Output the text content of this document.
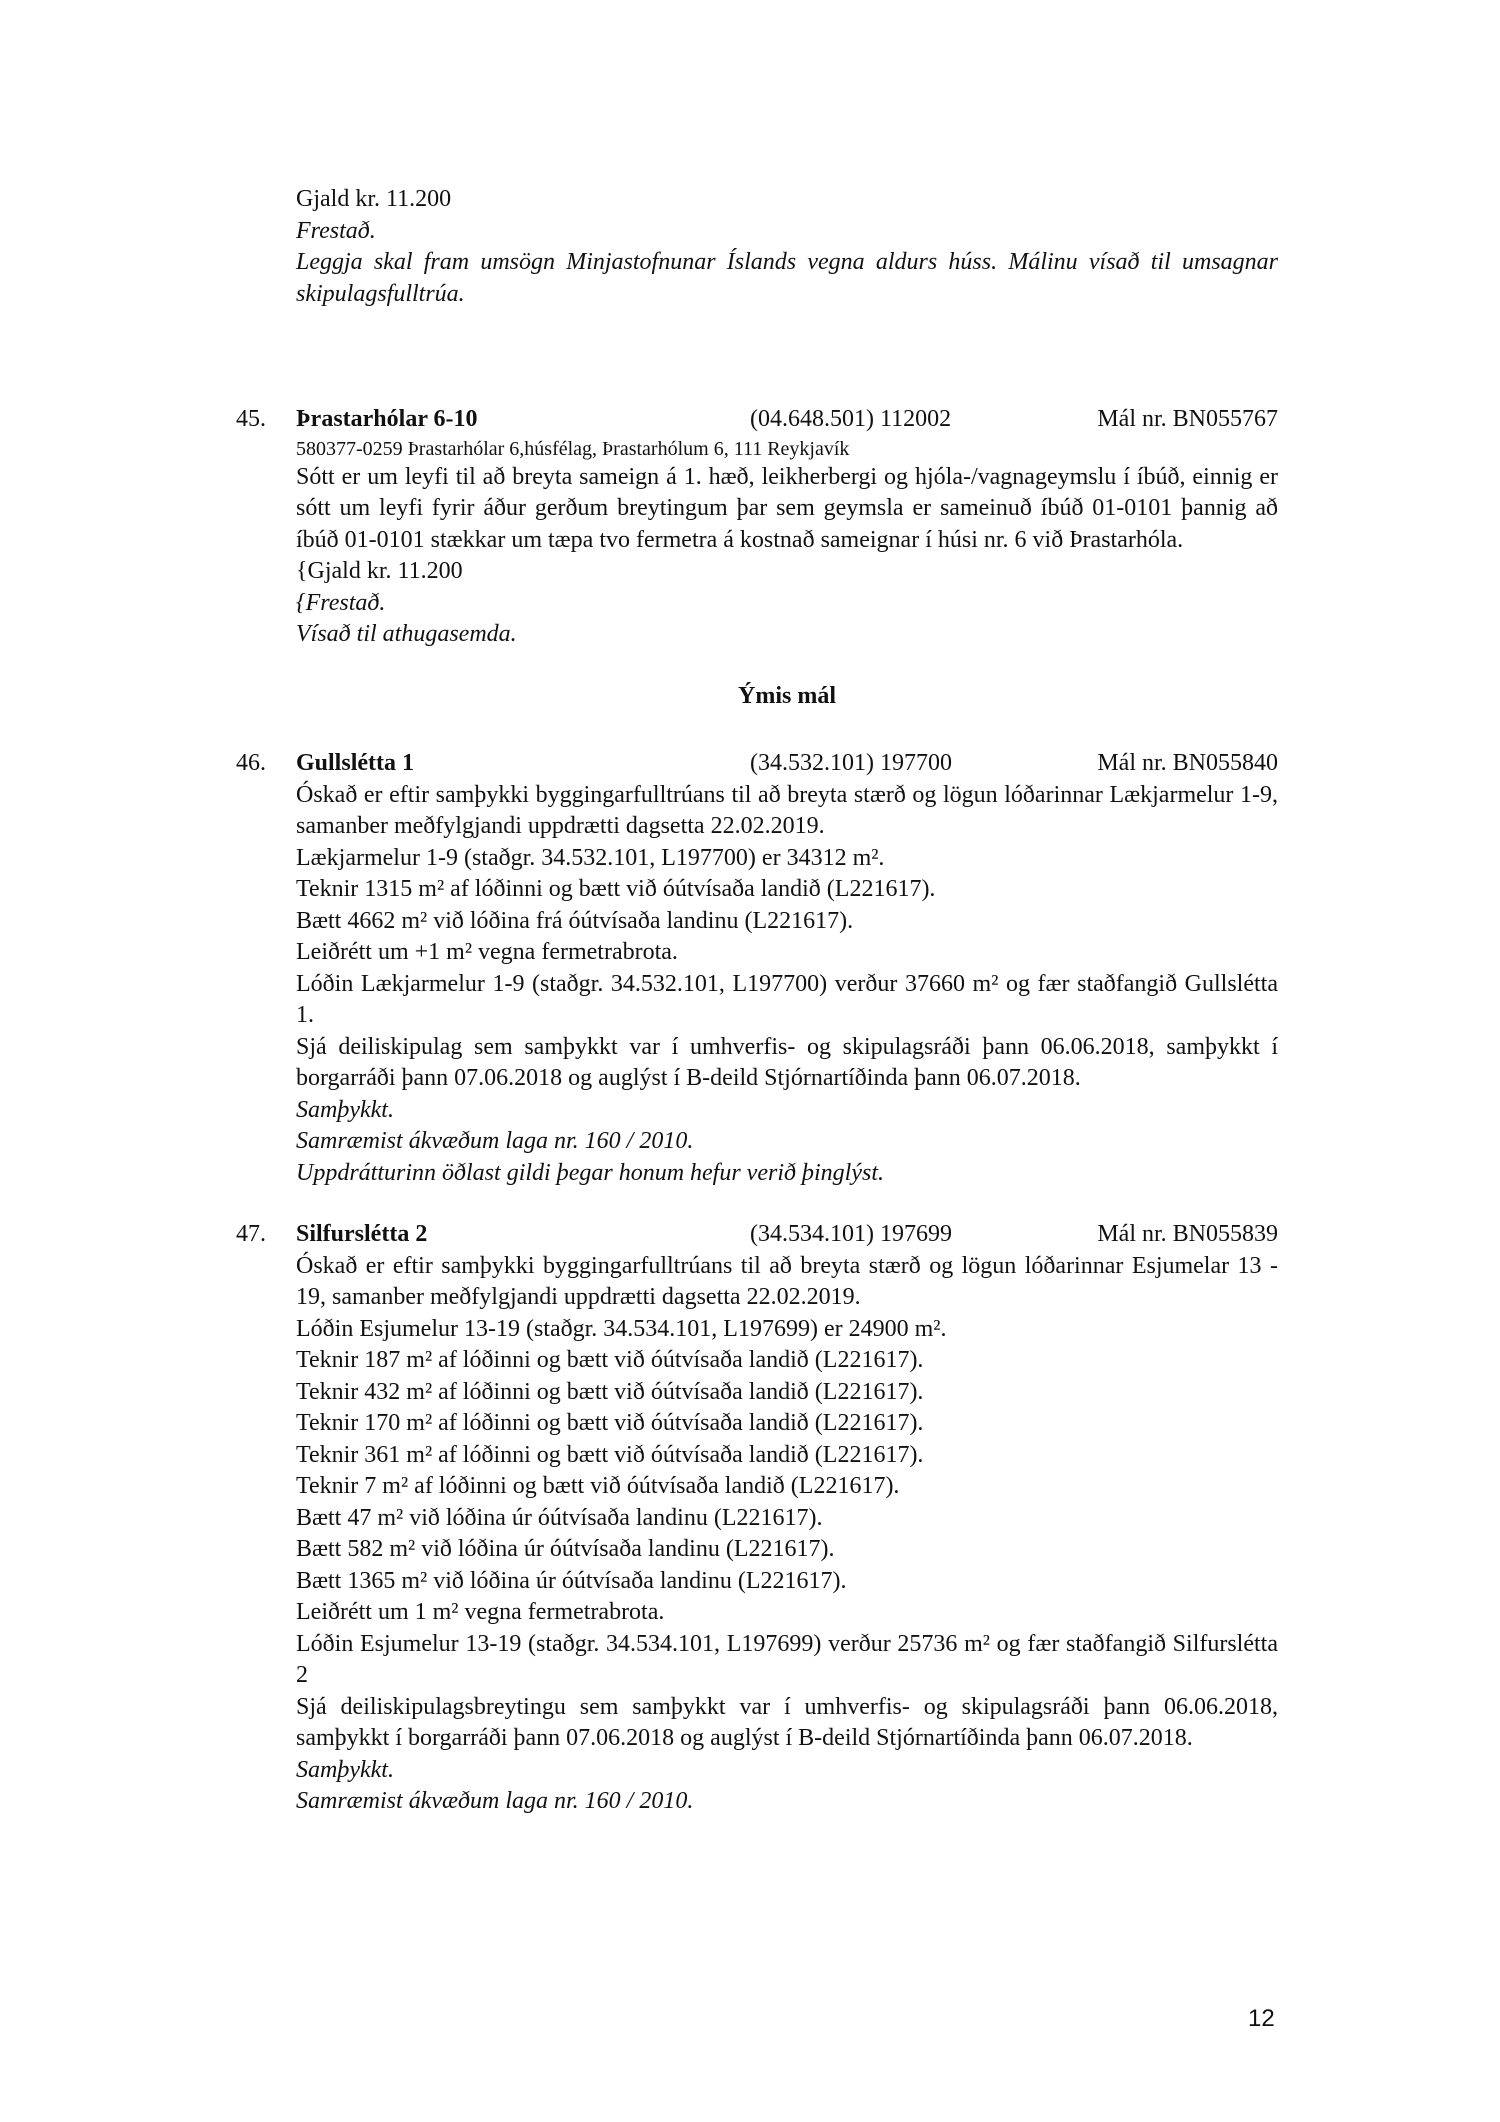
Gjald kr. 11.200
Frestað.
Leggja skal fram umsögn Minjastofnunar Íslands vegna aldurs húss. Málinu vísað til umsagnar skipulagsfulltrúa.
45. Þrastarhólar 6-10	(04.648.501) 112002	Mál nr. BN055767
580377-0259 Þrastarhólar 6,húsfélag, Þrastarhólum 6, 111 Reykjavík
Sótt er um leyfi til að breyta sameign á 1. hæð, leikherbergi og hjóla-/vagnageymslu í íbúð, einnig er sótt um leyfi fyrir áður gerðum breytingum þar sem geymsla er sameinuð íbúð 01-0101 þannig að íbúð 01-0101 stækkar um tæpa tvo fermetra á kostnað sameignar í húsi nr. 6 við Þrastarhóla.
{Gjald kr. 11.200
{Frestað.
Vísað til athugasemda.
Ýmis mál
46. Gullslétta 1	(34.532.101) 197700	Mál nr. BN055840
Óskað er eftir samþykki byggingarfulltrúans til að breyta stærð og lögun lóðarinnar Lækjarmelur 1-9, samanber meðfylgjandi uppdrætti dagsetta 22.02.2019.
Lækjarmelur 1-9 (staðgr. 34.532.101, L197700) er 34312 m².
Teknir 1315 m² af lóðinni og bætt við óútvísaða landið (L221617).
Bætt 4662 m² við lóðina frá óútvísaða landinu (L221617).
Leiðrétt um +1 m² vegna fermetrabrota.
Lóðin Lækjarmelur 1-9 (staðgr. 34.532.101, L197700) verður 37660 m² og fær staðfangið Gullslétta 1.
Sjá deiliskipulag sem samþykkt var í umhverfis- og skipulagsráði þann 06.06.2018, samþykkt í borgarráði þann 07.06.2018 og auglýst í B-deild Stjórnartíðinda þann 06.07.2018.
Samþykkt.
Samræmist ákvæðum laga nr. 160 / 2010.
Uppdrátturinn öðlast gildi þegar honum hefur verið þinglýst.
47. Silfurslétta 2	(34.534.101) 197699	Mál nr. BN055839
Óskað er eftir samþykki byggingarfulltrúans til að breyta stærð og lögun lóðarinnar Esjumelar 13 - 19, samanber meðfylgjandi uppdrætti dagsetta 22.02.2019.
Lóðin Esjumelur 13-19 (staðgr. 34.534.101, L197699) er 24900 m².
Teknir 187 m² af lóðinni og bætt við óútvísaða landið (L221617).
Teknir 432 m² af lóðinni og bætt við óútvísaða landið (L221617).
Teknir 170 m² af lóðinni og bætt við óútvísaða landið (L221617).
Teknir 361 m² af lóðinni og bætt við óútvísaða landið (L221617).
Teknir 7 m² af lóðinni og bætt við óútvísaða landið (L221617).
Bætt 47 m² við lóðina úr óútvísaða landinu (L221617).
Bætt 582 m² við lóðina úr óútvísaða landinu (L221617).
Bætt 1365 m² við lóðina úr óútvísaða landinu (L221617).
Leiðrétt um 1 m² vegna fermetrabrota.
Lóðin Esjumelur 13-19 (staðgr. 34.534.101, L197699) verður 25736 m² og fær staðfangið Silfurslétta 2
Sjá deiliskipulagsbreytingu sem samþykkt var í umhverfis- og skipulagsráði þann 06.06.2018, samþykkt í borgarráði þann 07.06.2018 og auglýst í B-deild Stjórnartíðinda þann 06.07.2018.
Samþykkt.
Samræmist ákvæðum laga nr. 160 / 2010.
12
